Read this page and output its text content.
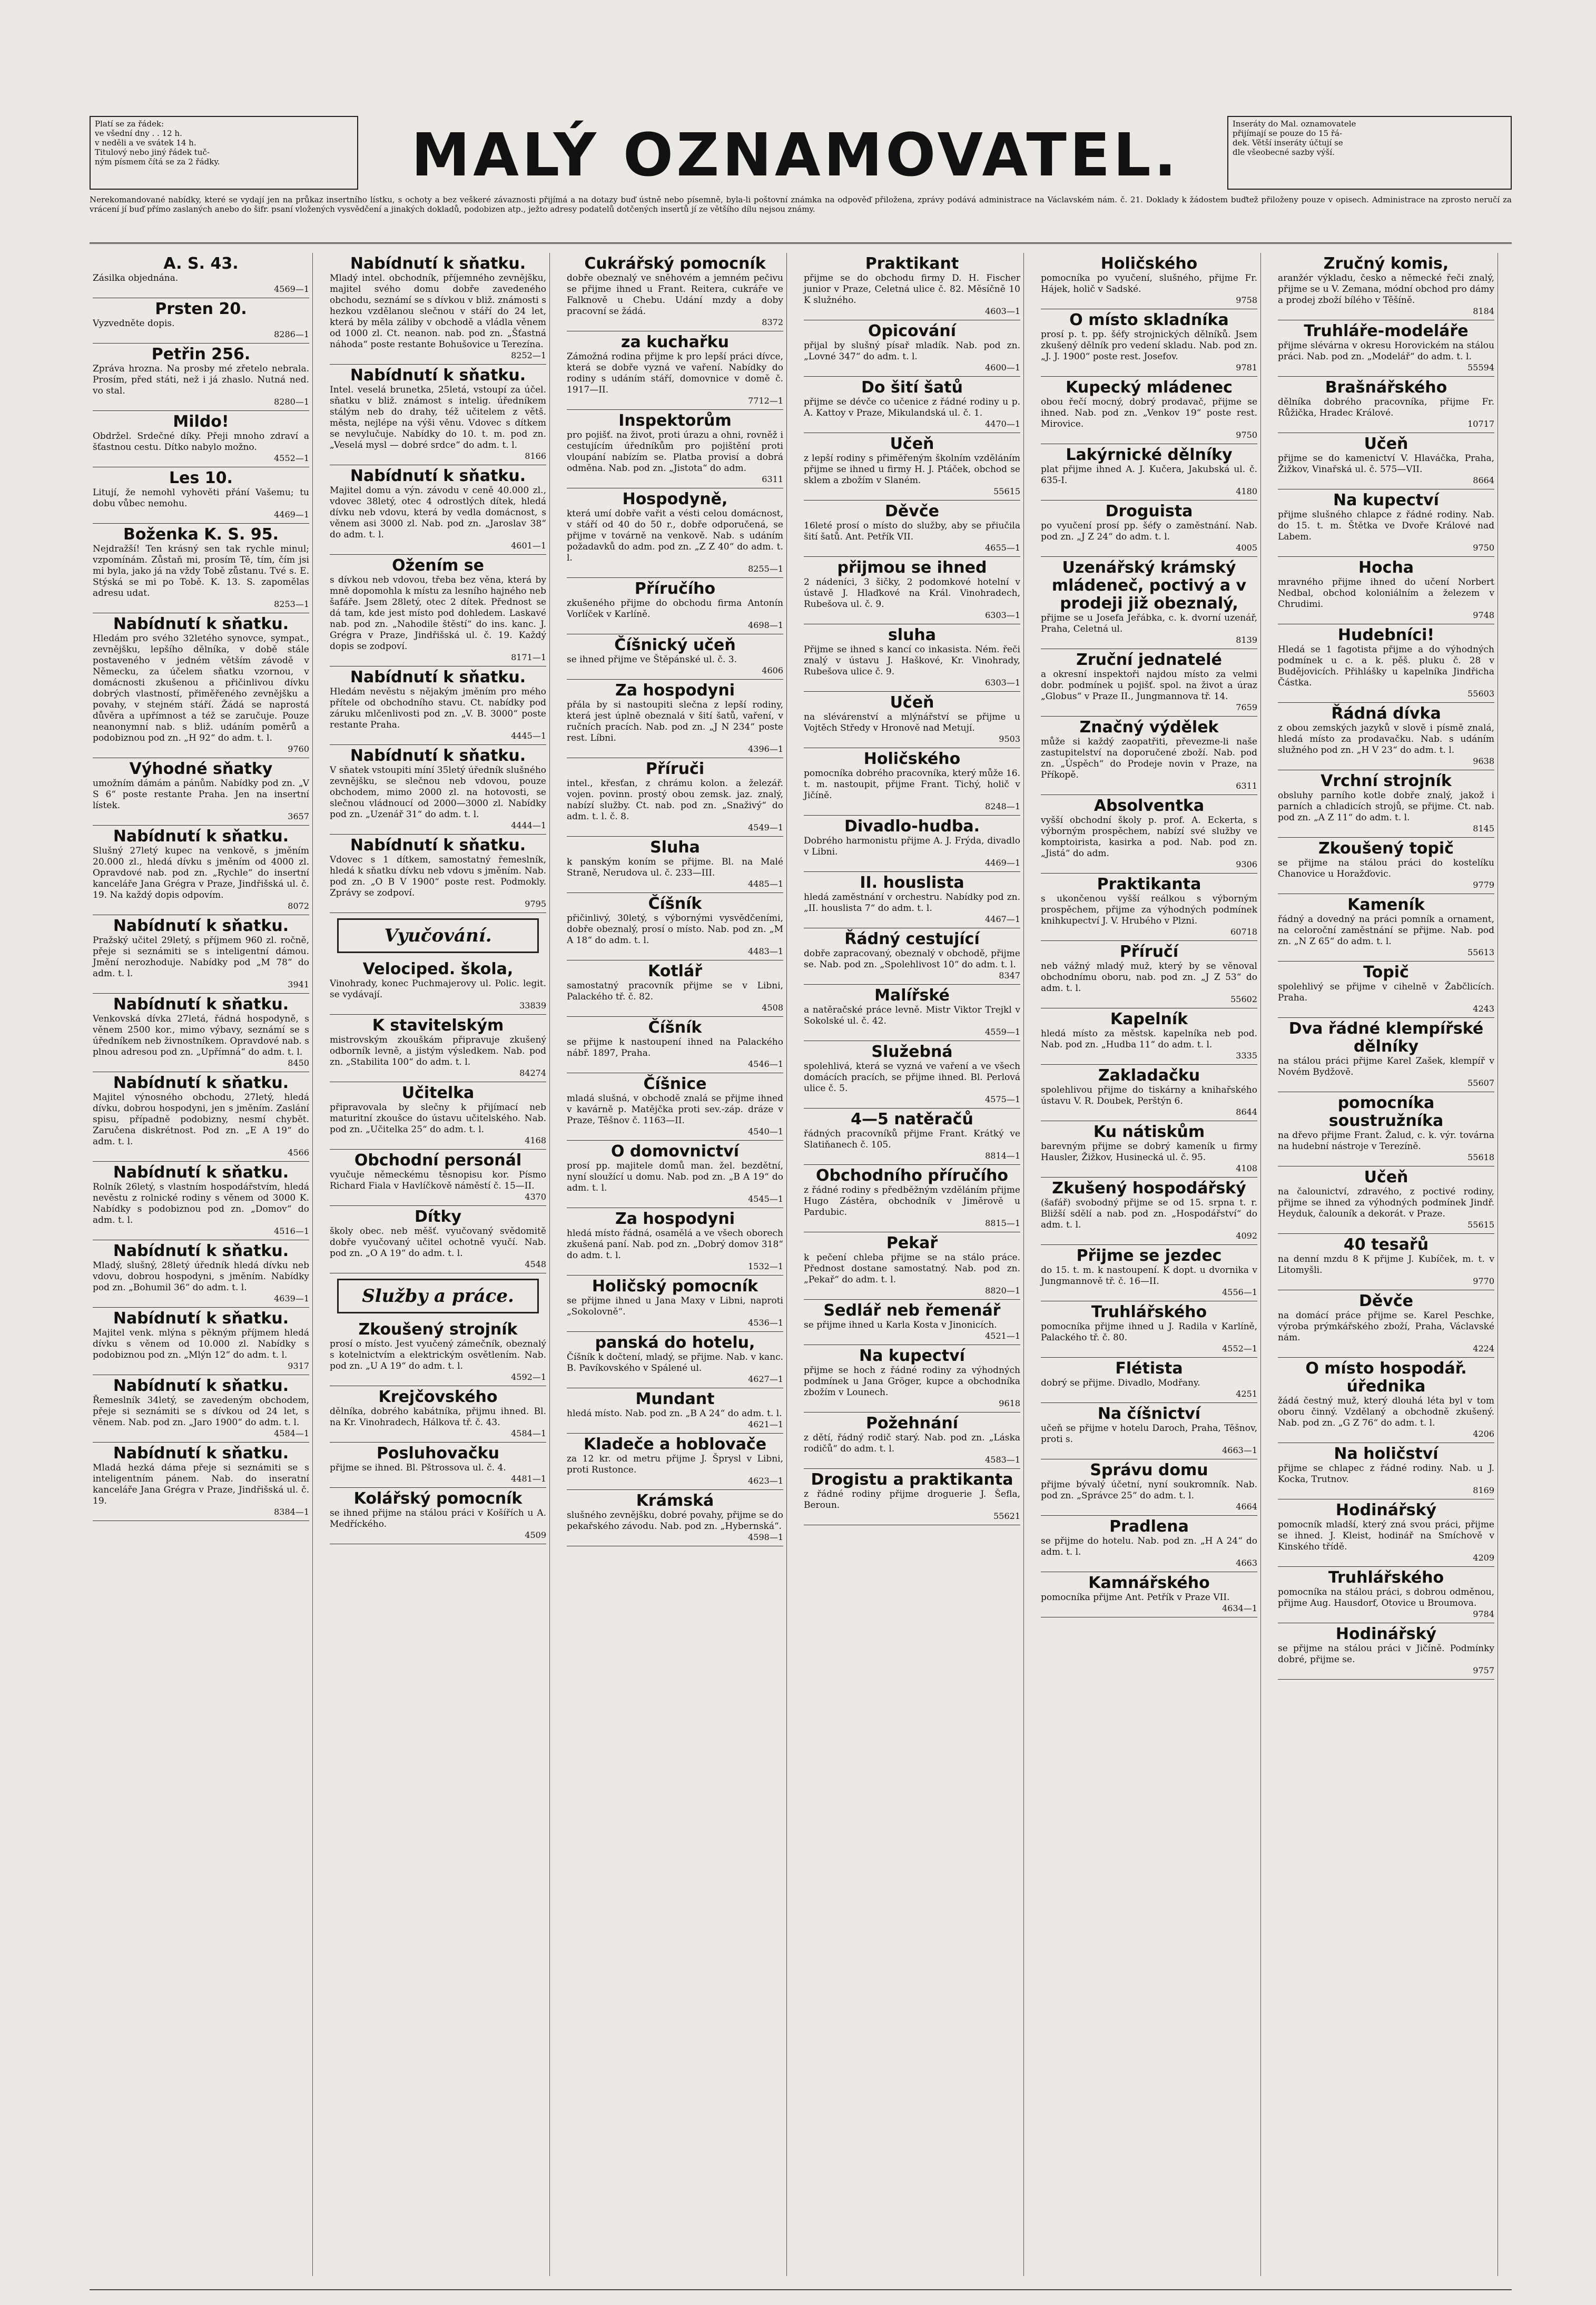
Platí se za řádek:
ve všední dny . . 12 h.
v neděli a ve svátek 14 h.
Titulový nebo jiný řádek tuč-
ným písmem čítá se za 2 řádky.	MALÝ OZNAMOVATEL.	Inseráty do Mal. oznamovatele
přijímají se pouze do 15 řá-
dek. Větší inseráty účtují se
dle všeobecné sazby výší.
Nerekomandované nabídky, které se vydají jen na průkaz insertního lístku, s ochoty a bez veškeré závaznosti přijímá a na dotazy buď ústně nebo písemně, byla-li poštovní známka na odpověď přiložena, zprávy podává administrace na Václavském nám. č. 21. Doklady k žádostem buďtež přiloženy pouze v opisech. Administrace na zprosto neručí za vrácení jí buď přímo zaslaných anebo do šifr. psaní vložených vysvědčení a jinakých dokladů, podobizen atp., ježto adresy podatelů dotčených insertů jí ze většího dílu nejsou známy.
A. S. 43.

Zásilka objednána.

4569—1
Prsten 20.

Vyzvedněte dopis.

8286—1
Petřin 256.

Zpráva hrozna. Na prosby mé zřetelo nebrala. Prosím, před státi, než i já zhaslo. Nutná ned. vo stal.

8280—1
Mildo!

Obdržel. Srdečné díky. Přeji mnoho zdraví a šťastnou cestu. Dítko nabylo možno.

4552—1
Les 10.

Litují, že nemohl vyhověti přání Vašemu; tu dobu vůbec nemohu.

4469—1
Boženka K. S. 95.

Nejdražší! Ten krásný sen tak rychle minul; vzpomínám. Zůstaň mi, prosím Tě, tím, čím jsi mi byla, jako já na vždy Tobě zůstanu. Tvé s. E. Stýská se mi po Tobě. K. 13. S. zapomělas adresu udat.

8253—1
Nabídnutí k sňatku.

Hledám pro svého 32letého synovce, sympat., zevnějšku, lepšího dělníka, v době stále postaveného v jedném větším závodě v Německu, za účelem sňatku vzornou, v domácnosti zkušenou a přičinlivou dívku dobrých vlastností, přiměřeného zevnějšku a povahy, v stejném stáří. Žádá se naprostá důvěra a upřímnost a též se zaručuje. Pouze neanonymní nab. s bliž. udáním poměrů a podobiznou pod zn. „H 92“ do adm. t. l.

9760
Výhodné sňatky

umožním dámám a pánům. Nabídky pod zn. „V S 6“ poste restante Praha. Jen na insertní lístek.

3657
Nabídnutí k sňatku.

Slušný 27letý kupec na venkově, s jměním 20.000 zl., hledá dívku s jměním od 4000 zl. Opravdové nab. pod zn. „Rychle“ do insertní kanceláře Jana Grégra v Praze, Jindřišská ul. č. 19. Na každý dopis odpovím.

8072
Nabídnutí k sňatku.

Pražský učitel 29letý, s příjmem 960 zl. ročně, přeje si seznámiti se s inteligentní dámou. Jmění nerozhoduje. Nabídky pod „M 78“ do adm. t. l.

3941
Nabídnutí k sňatku.

Venkovská dívka 27letá, řádná hospodyně, s věnem 2500 kor., mimo výbavy, seznámí se s úředníkem neb živnostníkem. Opravdové nab. s plnou adresou pod zn. „Upřímná“ do adm. t. l.

8450
Nabídnutí k sňatku.

Majitel výnosného obchodu, 27letý, hledá dívku, dobrou hospodyni, jen s jměním. Zaslání spisu, případně podobizny, nesmí chybět. Zaručena diskrétnost. Pod zn. „E A 19“ do adm. t. l.

4566
Nabídnutí k sňatku.

Rolník 26letý, s vlastním hospodářstvím, hledá nevěstu z rolnické rodiny s věnem od 3000 K. Nabídky s podobiznou pod zn. „Domov“ do adm. t. l.

4516—1
Nabídnutí k sňatku.

Mladý, slušný, 28letý úředník hledá dívku neb vdovu, dobrou hospodyni, s jměním. Nabídky pod zn. „Bohumil 36“ do adm. t. l.

4639—1
Nabídnutí k sňatku.

Majitel venk. mlýna s pěkným příjmem hledá dívku s věnem od 10.000 zl. Nabídky s podobiznou pod zn. „Mlýn 12“ do adm. t. l.

9317
Nabídnutí k sňatku.

Řemeslník 34letý, se zavedeným obchodem, přeje si seznámiti se s dívkou od 24 let, s věnem. Nab. pod zn. „Jaro 1900“ do adm. t. l.

4584—1
Nabídnutí k sňatku.

Mladá hezká dáma přeje si seznámiti se s inteligentním pánem. Nab. do inseratní kanceláře Jana Grégra v Praze, Jindřišská ul. č. 19.

8384—1
Nabídnutí k sňatku.

Mladý intel. obchodník, příjemného zevnějšku, majitel svého domu dobře zavedeného obchodu, seznámí se s dívkou v bliž. známosti s hezkou vzdělanou slečnou v stáří do 24 let, která by měla záliby v obchodě a vládla věnem od 1000 zl. Ct. neanon. nab. pod zn. „Šťastná náhoda“ poste restante Bohušovice u Terezína.

8252—1
Nabídnutí k sňatku.

Intel. veselá brunetka, 25letá, vstoupí za účel. sňatku v bliž. známost s intelig. úředníkem stálým neb do drahy, též učitelem z větš. města, nejlépe na výši věnu. Vdovec s dítkem se nevylučuje. Nabídky do 10. t. m. pod zn. „Veselá mysl — dobré srdce“ do adm. t. l.

8166
Nabídnutí k sňatku.

Majitel domu a výn. závodu v ceně 40.000 zl., vdovec 38letý, otec 4 odrostlých dítek, hledá dívku neb vdovu, která by vedla domácnost, s věnem asi 3000 zl. Nab. pod zn. „Jaroslav 38“ do adm. t. l.

4601—1
Ožením se

s dívkou neb vdovou, třeba bez věna, která by mně dopomohla k místu za lesního hajného neb šafáře. Jsem 28letý, otec 2 dítek. Přednost se dá tam, kde jest místo pod dohledem. Laskavé nab. pod zn. „Nahodile štěstí“ do ins. kanc. J. Grégra v Praze, Jindřišská ul. č. 19. Každý dopis se zodpoví.

8171—1
Nabídnutí k sňatku.

Hledám nevěstu s nějakým jměním pro mého přítele od obchodního stavu. Ct. nabídky pod záruku mlčenlivosti pod zn. „V. B. 3000“ poste restante Praha.

4445—1
Nabídnutí k sňatku.

V sňatek vstoupiti míní 35letý úředník slušného zevnějšku, se slečnou neb vdovou, pouze obchodem, mimo 2000 zl. na hotovosti, se slečnou vládnoucí od 2000—3000 zl. Nabídky pod zn. „Uzenář 31“ do adm. t. l.

4444—1
Nabídnutí k sňatku.

Vdovec s 1 dítkem, samostatný řemeslník, hledá k sňatku dívku neb vdovu s jměním. Nab. pod zn. „O B V 1900“ poste rest. Podmokly. Zprávy se zodpoví.

9795
Vyučování.
Velociped. škola,

Vinohrady, konec Puchmajerovy ul. Polic. legit. se vydávají.

33839
K stavitelským

mistrovským zkouškám připravuje zkušený odborník levně, a jistým výsledkem. Nab. pod zn. „Stabilita 100“ do adm. t. l.

84274
Učitelka

připravovala by slečny k přijímací neb maturitní zkoušce do ústavu učitelského. Nab. pod zn. „Učitelka 25“ do adm. t. l.

4168
Obchodní personál

vyučuje německému těsnopisu kor. Písmo Richard Fiala v Havlíčkově náměstí č. 15—II.

4370
Dítky

školy obec. neb měšť. vyučovaný svědomitě dobře vyučovaný učitel ochotně vyučí. Nab. pod zn. „O A 19“ do adm. t. l.

4548
Služby a práce.
Zkoušený strojník

prosí o místo. Jest vyučený zámečník, obeznalý s kotelnictvím a elektrickým osvětlením. Nab. pod zn. „U A 19“ do adm. t. l.

4592—1
Krejčovského

dělníka, dobrého kabátníka, přijmu ihned. Bl. na Kr. Vinohradech, Hálkova tř. č. 43.

4584—1
Posluhovačku

přijme se ihned. Bl. Pštrossova ul. č. 4.

4481—1
Kolářský pomocník

se ihned přijme na stálou práci v Košířích u A. Medříckého.

4509
Cukrářský pomocník

dobře obeznalý ve sněhovém a jemném pečivu se přijme ihned u Frant. Reitera, cukráře ve Falknově u Chebu. Udání mzdy a doby pracovní se žádá.

8372
za kuchařku

Zámožná rodina přijme k pro lepší práci dívce, která se dobře vyzná ve vaření. Nabídky do rodiny s udáním stáří, domovnice v domě č. 1917—II.

7712—1
Inspektorům

pro pojišť. na život, proti úrazu a ohni, rovněž i cestujícím úředníkům pro pojištění proti vloupání nabízím se. Platba provisí a dobrá odměna. Nab. pod zn. „Jistota“ do adm.

6311
Hospodyně,

která umí dobře vařit a vésti celou domácnost, v stáří od 40 do 50 r., dobře odporučená, se přijme v továrně na venkově. Nab. s udáním požadavků do adm. pod zn. „Z Z 40“ do adm. t. l.

8255—1
Příručího

zkušeného přijme do obchodu firma Antonín Vorlíček v Karlíně.

4698—1
Číšnický učeň

se ihned přijme ve Štěpánské ul. č. 3.

4606
Za hospodyni

přála by si nastoupiti slečna z lepší rodiny, která jest úplně obeznalá v šití šatů, vaření, v ručních pracích. Nab. pod zn. „J N 234“ poste rest. Líbni.

4396—1
Příruči

intel., křesťan, z chrámu kolon. a železář. vojen. povinn. prostý obou zemsk. jaz. znalý, nabízí služby. Ct. nab. pod zn. „Snaživý“ do adm. t. l. č. 8.

4549—1
Sluha

k panským koním se přijme. Bl. na Malé Straně, Nerudova ul. č. 233—III.

4485—1
Číšník

přičinlivý, 30letý, s výbornými vysvědčeními, dobře obeznalý, prosí o místo. Nab. pod zn. „M A 18“ do adm. t. l.

4483—1
Kotlář

samostatný pracovník přijme se v Libni, Palackého tř. č. 82.

4508
Číšník

se přijme k nastoupení ihned na Palackého nábř. 1897, Praha.

4546—1
Číšnice

mladá slušná, v obchodě znalá se přijme ihned v kavárně p. Matějčka proti sev.-záp. dráze v Praze, Těšnov č. 1163—II.

4540—1
O domovnictví

prosí pp. majitele domů man. žel. bezdětní, nyní sloužící u domu. Nab. pod zn. „B A 19“ do adm. t. l.

4545—1
Za hospodyni

hledá místo řádná, osamělá a ve všech oborech zkušená paní. Nab. pod zn. „Dobrý domov 318“ do adm. t. l.

1532—1
Holičský pomocník

se přijme ihned u Jana Maxy v Libni, naproti „Sokolovně“.

4536—1
panská do hotelu,

Číšník k dočtení, mladý, se přijme. Nab. v kanc. B. Pavíkovského v Spálené ul.

4627—1
Mundant

hledá místo. Nab. pod zn. „B A 24“ do adm. t. l.

4621—1
Kladeče a hoblovače

za 12 kr. od metru přijme J. Šprysl v Libni, proti Rustonce.

4623—1
Krámská

slušného zevnějšku, dobré povahy, přijme se do pekařského závodu. Nab. pod zn. „Hybernská“.

4598—1
Praktikant

přijme se do obchodu firmy D. H. Fischer junior v Praze, Celetná ulice č. 82. Měsíčně 10 K služného.

4603—1
Opicování

přijal by slušný písař mladík. Nab. pod zn. „Lovné 347“ do adm. t. l.

4600—1
Do šití šatů

přijme se dévče co učenice z řádné rodiny u p. A. Kattoy v Praze, Mikulandská ul. č. 1.

4470—1
Učeň

z lepší rodiny s přiměřeným školním vzděláním přijme se ihned u firmy H. J. Ptáček, obchod se sklem a zbožím v Slaném.

55615
Děvče

16leté prosí o místo do služby, aby se přiučila šití šatů. Ant. Petřík VII.

4655—1
přijmou se ihned

2 nádeníci, 3 šičky, 2 podomkové hotelní v ústavě J. Hlaďkové na Král. Vinohradech, Rubešova ul. č. 9.

6303—1
sluha

Přijme se ihned s kancí co inkasista. Ném. řeči znalý v ústavu J. Haškové, Kr. Vinohrady, Rubešova ulice č. 9.

6303—1
Učeň

na slévárenství a mlýnářství se přijme u Vojtěch Středy v Hronově nad Metují.

9503
Holičského

pomocníka dobrého pracovníka, který může 16. t. m. nastoupit, přijme Frant. Tichý, holič v Jičíně.

8248—1
Divadlo-hudba.

Dobrého harmonistu přijme A. J. Frýda, divadlo v Libni.

4469—1
II. houslista

hledá zaměstnání v orchestru. Nabídky pod zn. „II. houslista 7“ do adm. t. l.

4467—1
Řádný cestující

dobře zapracovaný, obeznalý v obchodě, přijme se. Nab. pod zn. „Spolehlivost 10“ do adm. t. l.

8347
Malířské

a natěračské práce levně. Mistr Viktor Trejkl v Sokolské ul. č. 42.

4559—1
Služebná

spolehlivá, která se vyzná ve vaření a ve všech domácích pracích, se přijme ihned. Bl. Perlová ulice č. 5.

4575—1
4—5 natěračů

řádných pracovníků přijme Frant. Krátký ve Slatiňanech č. 105.

8814—1
Obchodního příručího

z řádné rodiny s předběžným vzděláním přijme Hugo Zástěra, obchodník v Jiměrově u Pardubic.

8815—1
Pekař

k pečení chleba přijme se na stálo práce. Přednost dostane samostatný. Nab. pod zn. „Pekař“ do adm. t. l.

8820—1
Sedlář neb řemenář

se přijme ihned u Karla Kosta v Jinonicích.

4521—1
Na kupectví

přijme se hoch z řádné rodiny za výhodných podmínek u Jana Gröger, kupce a obchodníka zbožím v Lounech.

9618
Požehnání

z dětí, řádný rodič starý. Nab. pod zn. „Láska rodičů“ do adm. t. l.

4583—1
Drogistu a praktikanta

z řádné rodiny přijme droguerie J. Šefla, Beroun.

55621
Holičského

pomocníka po vyučení, slušného, přijme Fr. Hájek, holič v Sadské.

9758
O místo skladníka

prosí p. t. pp. šéfy strojnických dělníků. Jsem zkušený dělník pro vedení skladu. Nab. pod zn. „J. J. 1900“ poste rest. Josefov.

9781
Kupecký mládenec

obou řečí mocný, dobrý prodavač, přijme se ihned. Nab. pod zn. „Venkov 19“ poste rest. Mirovice.

9750
Lakýrnické dělníky

plat přijme ihned A. J. Kučera, Jakubská ul. č. 635-I.

4180
Droguista

po vyučení prosí pp. šéfy o zaměstnání. Nab. pod zn. „J Z 24“ do adm. t. l.

4005
Uzenářský krámský mládeneč, poctivý a v prodeji již obeznalý,

přijme se u Josefa Jeřábka, c. k. dvorní uzenář, Praha, Celetná ul.

8139
Zruční jednatelé

a okresní inspektoři najdou místo za velmi dobr. podmínek u pojišť. spol. na život a úraz „Globus“ v Praze II., Jungmannova tř. 14.

7659
Značný výdělek

může si každý zaopatřiti, převezme-li naše zastupitelství na doporučené zboží. Nab. pod zn. „Úspěch“ do Prodeje novin v Praze, na Příkopě.

6311
Absolventka

vyšší obchodní školy p. prof. A. Eckerta, s výborným prospěchem, nabízí své služby ve komptoirista, kasirka a pod. Nab. pod zn. „Jistá“ do adm.

9306
Praktikanta

s ukončenou vyšší reálkou s výborným prospěchem, přijme za výhodných podmínek knihkupectví J. V. Hrubého v Plzni.

60718
Příručí

neb vážný mladý muž, který by se věnoval obchodnímu oboru, nab. pod zn. „J Z 53“ do adm. t. l.

55602
Kapelník

hledá místo za městsk. kapelníka neb pod. Nab. pod zn. „Hudba 11“ do adm. t. l.

3335
Zakladačku

spolehlivou přijme do tiskárny a knihařského ústavu V. R. Doubek, Perštýn 6.

8644
Ku nátiskům

barevným přijme se dobrý kameník u firmy Hausler, Žižkov, Husinecká ul. č. 95.

4108
Zkušený hospodářský

(šafář) svobodný přijme se od 15. srpna t. r. Bližší sdělí a nab. pod zn. „Hospodářství“ do adm. t. l.

4092
Přijme se jezdec

do 15. t. m. k nastoupení. K dopt. u dvornika v Jungmannově tř. č. 16—II.

4556—1
Truhlářského

pomocníka přijme ihned u J. Radila v Karlíně, Palackého tř. č. 80.

4552—1
Flétista

dobrý se přijme. Divadlo, Modřany.

4251
Na číšnictví

učeň se přijme v hotelu Daroch, Praha, Těšnov, proti s.

4663—1
Správu domu

přijme bývalý účetní, nyní soukromník. Nab. pod zn. „Správce 25“ do adm. t. l.

4664
Pradlena

se přijme do hotelu. Nab. pod zn. „H A 24“ do adm. t. l.

4663
Kamnářského

pomocníka přijme Ant. Petřík v Praze VII.

4634—1
Zručný komis,

aranžér výkladu, česko a německé řeči znalý, přijme se u V. Zemana, módní obchod pro dámy a prodej zboží bílého v Těšíně.

8184
Truhláře-modeláře

přijme slévárna v okresu Horovickém na stálou práci. Nab. pod zn. „Modelář“ do adm. t. l.

55594
Brašnářského

dělníka dobrého pracovníka, přijme Fr. Růžička, Hradec Králové.

10717
Učeň

přijme se do kamenictví V. Hlaváčka, Praha, Žižkov, Vinařská ul. č. 575—VII.

8664
Na kupectví

přijme slušného chlapce z řádné rodiny. Nab. do 15. t. m. Štětka ve Dvoře Králové nad Labem.

9750
Hocha

mravného přijme ihned do učení Norbert Nedbal, obchod koloniálním a železem v Chrudimi.

9748
Hudebníci!

Hledá se 1 fagotista přijme a do výhodných podmínek u c. a k. pěš. pluku č. 28 v Budějovicích. Přihlášky u kapelníka Jindřicha Částka.

55603
Řádná dívka

z obou zemských jazyků v slově i písmě znalá, hledá místo za prodavačku. Nab. s udáním služného pod zn. „H V 23“ do adm. t. l.

9638
Vrchní strojník

obsluhy parního kotle dobře znalý, jakož i parních a chladicích strojů, se přijme. Ct. nab. pod zn. „A Z 11“ do adm. t. l.

8145
Zkoušený topič

se přijme na stálou práci do kostelíku Chanovice u Horažďovic.

9779
Kameník

řádný a dovedný na práci pomník a ornament, na celoroční zaměstnání se přijme. Nab. pod zn. „N Z 65“ do adm. t. l.

55613
Topič

spolehlivý se přijme v cihelně v Žabčlicích. Praha.

4243
Dva řádné klempířské dělníky

na stálou práci přijme Karel Zašek, klempíř v Novém Bydžově.

55607
pomocníka soustružníka

na dřevo přijme Frant. Žalud, c. k. výr. továrna na hudební nástroje v Terezíně.

55618
Učeň

na čalounictví, zdravého, z poctivé rodiny, přijme se ihned za výhodných podmínek Jindř. Heyduk, čalouník a dekorát. v Praze.

55615
40 tesařů

na denní mzdu 8 K přijme J. Kubíček, m. t. v Litomyšli.

9770
Děvče

na domácí práce přijme se. Karel Peschke, výroba prýmkářského zboží, Praha, Václavské nám.

4224
O místo hospodář. úřednika

žádá čestný muž, který dlouhá léta byl v tom oboru činný. Vzdělaný a obchodně zkušený. Nab. pod zn. „G Z 76“ do adm. t. l.

4206
Na holičství

přijme se chlapec z řádné rodiny. Nab. u J. Kocka, Trutnov.

8169
Hodinářský

pomocník mladší, který zná svou práci, přijme se ihned. J. Kleist, hodinář na Smíchově v Kinského třídě.

4209
Truhlářského

pomocníka na stálou práci, s dobrou odměnou, přijme Aug. Hausdorf, Otovice u Broumova.

9784
Hodinářský

se přijme na stálou práci v Jičíně. Podmínky dobré, přijme se.

9757
